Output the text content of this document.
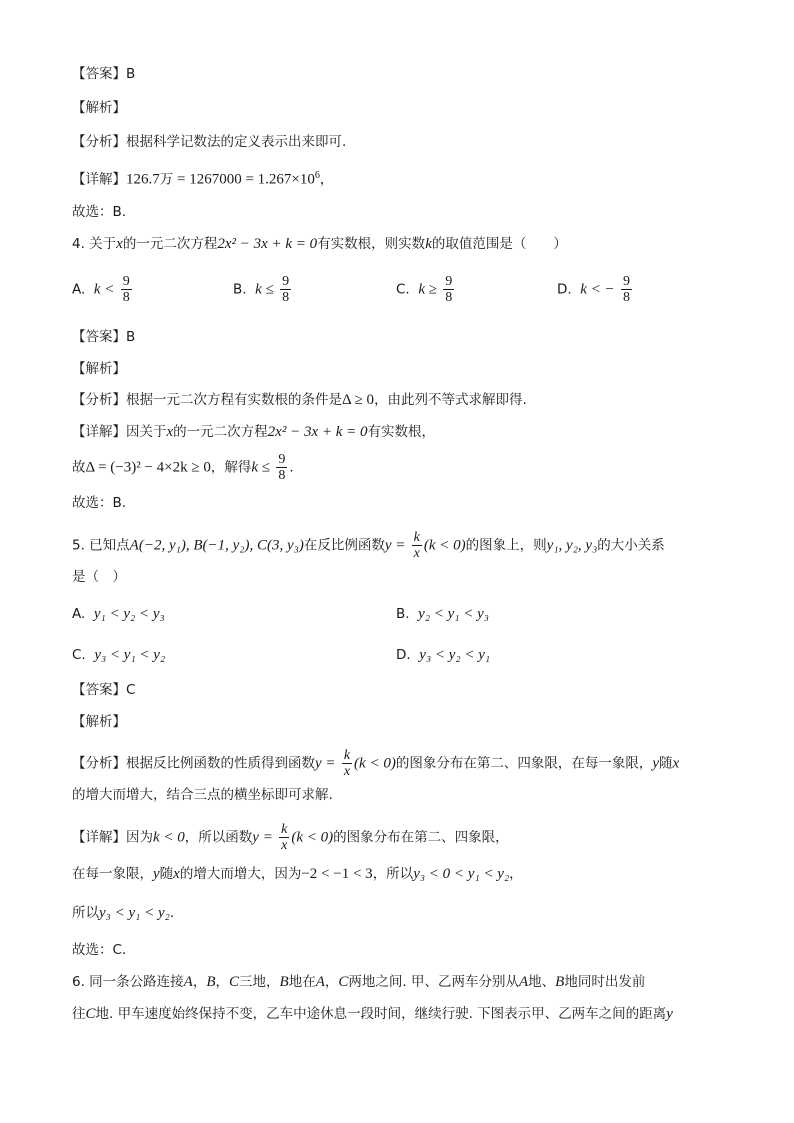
【答案】B
【解析】
【分析】根据科学记数法的定义表示出来即可.
【详解】126.7万 = $1267000 = 1.267\times 10^6$，
故选：B.
4. 关于x的一元二次方程2x² − 3x + k = 0有实数根，则实数k的取值范围是（　　）
A. $k < \frac{9}{8}$	B. $k \le \frac{9}{8}$	C. $k \ge \frac{9}{8}$	D. k < − $\frac{9}{8}$
【答案】B
【解析】
【分析】根据一元二次方程有实数根的条件是Δ ≥ 0，由此列不等式求解即得.
【详解】因关于x的一元二次方程2x² − 3x + k = 0有实数根，
故Δ = (−3)² − 4×2k ≥ 0，解得$k \le \frac{9}{8}$ .
故选：B.
5. 已知点A(−2, y₁), B(−1, y₂), C(3, y₃)在反比例函数$y = \frac{k}{x} (k < 0)$的图象上，则y₁, y₂, y₃的大小关系
是（　）
A. y₁ < y₂ < y₃	B. y₂ < y₁ < y₃
C. y₃ < y₁ < y₂	D. y₃ < y₂ < y₁
【答案】C
【解析】
【分析】根据反比例函数的性质得到函数$y = \frac{k}{x} (k < 0)$的图象分布在第二、四象限，在每一象限，y随x
的增大而增大，结合三点的横坐标即可求解.
【详解】因为k < 0，所以函数$y = \frac{k}{x} (k < 0)$的图象分布在第二、四象限，
在每一象限，y随x的增大而增大，因为−2 < −1 < 3，所以y₃ < 0 < y₁ < y₂，
所以y₃ < y₁ < y₂.
故选：C.
6. 同一条公路连接A，B，C三地，B地在A，C两地之间. 甲、乙两车分别从A地、B地同时出发前
往C地. 甲车速度始终保持不变，乙车中途休息一段时间，继续行驶. 下图表示甲、乙两车之间的距离y
